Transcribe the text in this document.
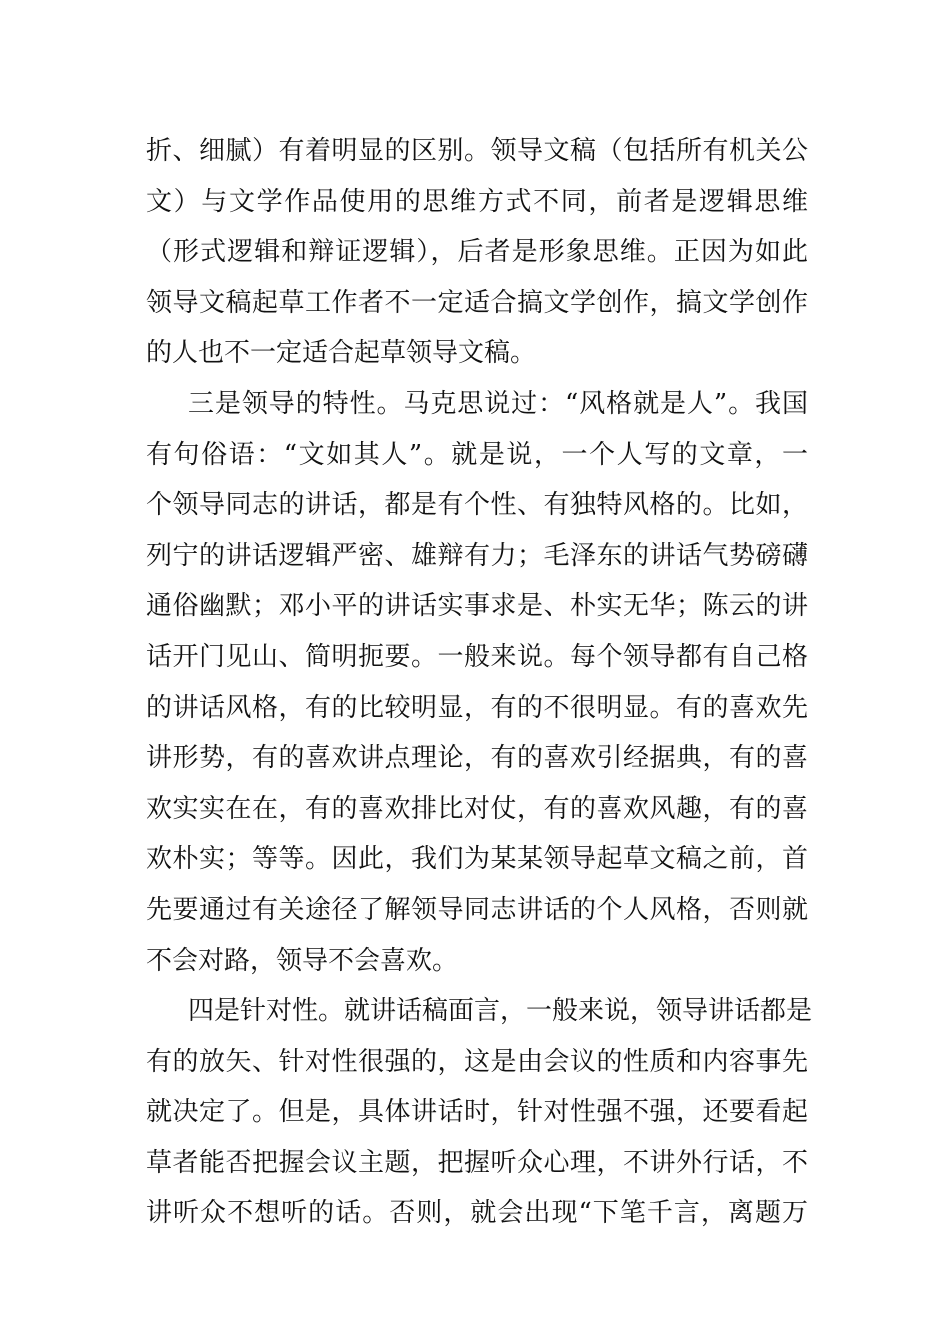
折、细腻）有着明显的区别。领导文稿（包括所有机关公
文）与文学作品使用的思维方式不同，前者是逻辑思维
（形式逻辑和辩证逻辑），后者是形象思维。正因为如此
领导文稿起草工作者不一定适合搞文学创作，搞文学创作
的人也不一定适合起草领导文稿。
三是领导的特性。马克思说过：“风格就是人”。我国
有句俗语：“文如其人”。就是说，一个人写的文章，一
个领导同志的讲话，都是有个性、有独特风格的。比如，
列宁的讲话逻辑严密、雄辩有力；毛泽东的讲话气势磅礴
通俗幽默；邓小平的讲话实事求是、朴实无华；陈云的讲
话开门见山、简明扼要。一般来说。每个领导都有自己格
的讲话风格，有的比较明显，有的不很明显。有的喜欢先
讲形势，有的喜欢讲点理论，有的喜欢引经据典，有的喜
欢实实在在，有的喜欢排比对仗，有的喜欢风趣，有的喜
欢朴实；等等。因此，我们为某某领导起草文稿之前，首
先要通过有关途径了解领导同志讲话的个人风格，否则就
不会对路，领导不会喜欢。
四是针对性。就讲话稿面言，一般来说，领导讲话都是
有的放矢、针对性很强的，这是由会议的性质和内容事先
就决定了。但是，具体讲话时，针对性强不强，还要看起
草者能否把握会议主题，把握听众心理，不讲外行话，不
讲听众不想听的话。否则，就会出现“下笔千言，离题万
